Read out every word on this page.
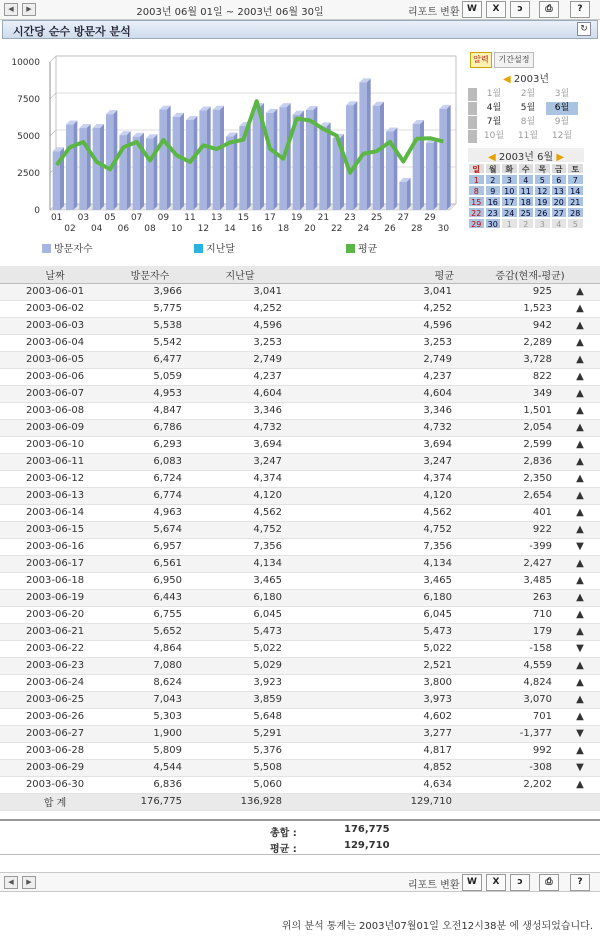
◀	▶	2003년 06월 01일 ~ 2003년 06월 30일	리포트 변환 W	X	ɔ	⎙	?
시간당 순수 방문자 분석	↻
0
2500
5000
7500
10000
01 03 05 07 09 11 13 15 17 19 21 23 25 27 29
02 04 06 08 10 12 14 16 18 20 22 24 26 28 30
방문자수	지난달	평균
알력	기간설정
◀ 2003년
1월	2월	3월
4월	5월	6월
7월	8월	9월
10월	11월	12월
◀ 2003년 6월 ▶
일	월	화	수	목	금	토
1	2	3	4	5	6	7
8	9	10 11 12 13 14
15 16 17 18 19 20 21
22 23 24 25 26 27 28
29 30	1	2	3	4	5
날짜	방문자수	지난달	평균	증감(현재-평균)	
2003-06-01	3,966	3,041	3,041	925	▲
2003-06-02	5,775	4,252	4,252	1,523	▲
2003-06-03	5,538	4,596	4,596	942	▲
2003-06-04	5,542	3,253	3,253	2,289	▲
2003-06-05	6,477	2,749	2,749	3,728	▲
2003-06-06	5,059	4,237	4,237	822	▲
2003-06-07	4,953	4,604	4,604	349	▲
2003-06-08	4,847	3,346	3,346	1,501	▲
2003-06-09	6,786	4,732	4,732	2,054	▲
2003-06-10	6,293	3,694	3,694	2,599	▲
2003-06-11	6,083	3,247	3,247	2,836	▲
2003-06-12	6,724	4,374	4,374	2,350	▲
2003-06-13	6,774	4,120	4,120	2,654	▲
2003-06-14	4,963	4,562	4,562	401	▲
2003-06-15	5,674	4,752	4,752	922	▲
2003-06-16	6,957	7,356	7,356	-399	▼
2003-06-17	6,561	4,134	4,134	2,427	▲
2003-06-18	6,950	3,465	3,465	3,485	▲
2003-06-19	6,443	6,180	6,180	263	▲
2003-06-20	6,755	6,045	6,045	710	▲
2003-06-21	5,652	5,473	5,473	179	▲
2003-06-22	4,864	5,022	5,022	-158	▼
2003-06-23	7,080	5,029	2,521	4,559	▲
2003-06-24	8,624	3,923	3,800	4,824	▲
2003-06-25	7,043	3,859	3,973	3,070	▲
2003-06-26	5,303	5,648	4,602	701	▲
2003-06-27	1,900	5,291	3,277	-1,377	▼
2003-06-28	5,809	5,376	4,817	992	▲
2003-06-29	4,544	5,508	4,852	-308	▼
2003-06-30	6,836	5,060	4,634	2,202	▲
합 계	176,775	136,928	129,710		
총합 :	176,775
평균 :	129,710
◀	▶	리포트 변환 W	X	ɔ	⎙	?
위의 분석 통계는 2003년07월01일 오전12시38분 에 생성되었습니다.
